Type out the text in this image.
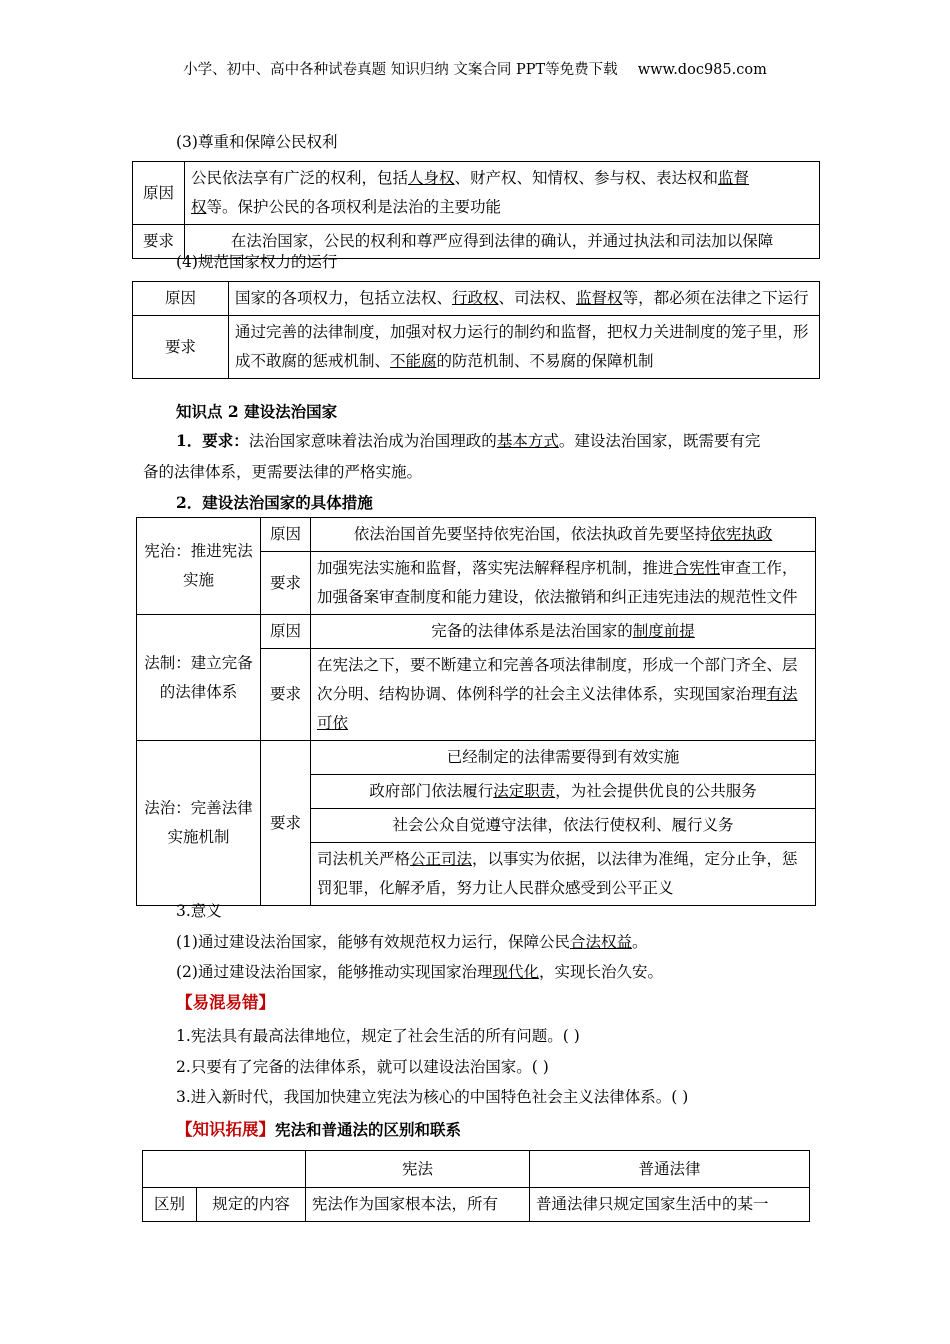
小学、初中、高中各种试卷真题 知识归纳 文案合同 PPT等免费下载 www.doc985.com
(3)尊重和保障公民权利
原因	公民依法享有广泛的权利，包括人身权、财产权、知情权、参与权、表达权和监督
权等。保护公民的各项权利是法治的主要功能
要求	在法治国家，公民的权利和尊严应得到法律的确认，并通过执法和司法加以保障
(4)规范国家权力的运行
原因	国家的各项权力，包括立法权、行政权、司法权、监督权等，都必须在法律之下运行
要求	通过完善的法律制度，加强对权力运行的制约和监督，把权力关进制度的笼子里，形成不敢腐的惩戒机制、不能腐的防范机制、不易腐的保障机制
知识点 2 建设法治国家
1．要求：法治国家意味着法治成为治国理政的基本方式。建设法治国家，既需要有完
备的法律体系，更需要法律的严格实施。
2．建设法治国家的具体措施
宪治：推进宪法实施	原因	依法治国首先要坚持依宪治国，依法执政首先要坚持依宪执政
	要求	加强宪法实施和监督，落实宪法解释程序机制，推进合宪性审查工作，加强备案审查制度和能力建设，依法撤销和纠正违宪违法的规范性文件
法制：建立完备的法律体系	原因	完备的法律体系是法治国家的制度前提
	要求	在宪法之下，要不断建立和完善各项法律制度，形成一个部门齐全、层次分明、结构协调、体例科学的社会主义法律体系，实现国家治理有法可依
法治：完善法律实施机制	要求	已经制定的法律需要得到有效实施
		政府部门依法履行法定职责，为社会提供优良的公共服务
		社会公众自觉遵守法律，依法行使权利、履行义务
		司法机关严格公正司法，以事实为依据，以法律为准绳，定分止争，惩罚犯罪，化解矛盾，努力让人民群众感受到公平正义
3.意义
(1)通过建设法治国家，能够有效规范权力运行，保障公民合法权益。
(2)通过建设法治国家，能够推动实现国家治理现代化，实现长治久安。
【易混易错】
1.宪法具有最高法律地位，规定了社会生活的所有问题。( )
2.只要有了完备的法律体系，就可以建设法治国家。( )
3.进入新时代，我国加快建立宪法为核心的中国特色社会主义法律体系。( )
【知识拓展】宪法和普通法的区别和联系
		宪法	普通法律
区别	规定的内容	宪法作为国家根本法，所有	普通法律只规定国家生活中的某一
